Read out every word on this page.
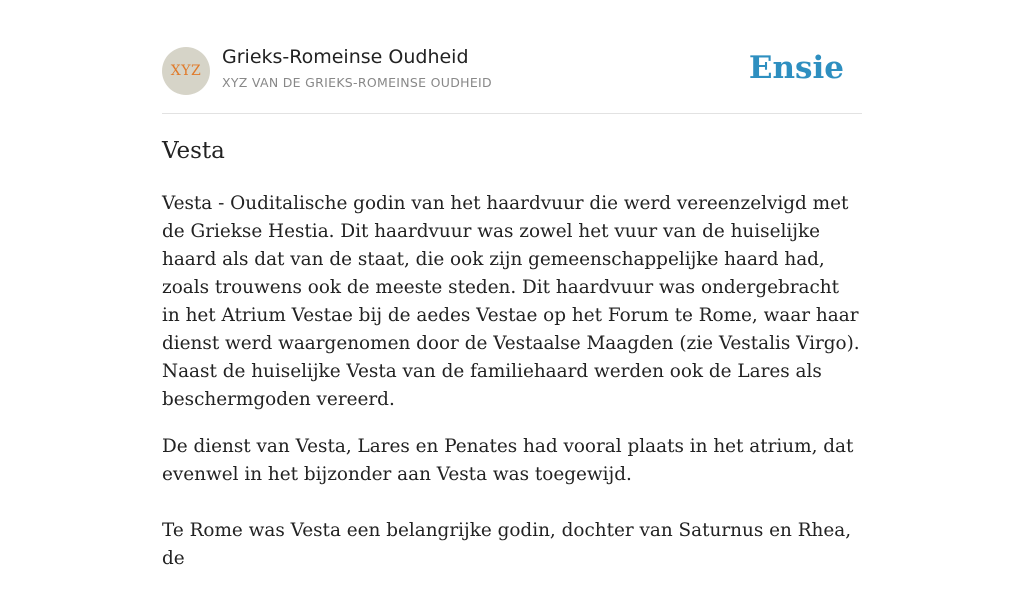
XYZ
Grieks-Romeinse Oudheid
XYZ VAN DE GRIEKS-ROMEINSE OUDHEID	Ensie
Vesta

Vesta - Ouditalische godin van het haardvuur die werd vereenzelvigd met de Griekse Hestia. Dit haardvuur was zowel het vuur van de huiselijke haard als dat van de staat, die ook zijn gemeenschappelijke haard had, zoals trouwens ook de meeste steden. Dit haardvuur was ondergebracht in het Atrium Vestae bij de aedes Vestae op het Forum te Rome, waar haar dienst werd waargenomen door de Vestaalse Maagden (zie Vestalis Virgo). Naast de huiselijke Vesta van de familiehaard werden ook de Lares als beschermgoden vereerd.

De dienst van Vesta, Lares en Penates had vooral plaats in het atrium, dat evenwel in het bijzonder aan Vesta was toegewijd.

Te Rome was Vesta een belangrijke godin, dochter van Saturnus en Rhea, de
